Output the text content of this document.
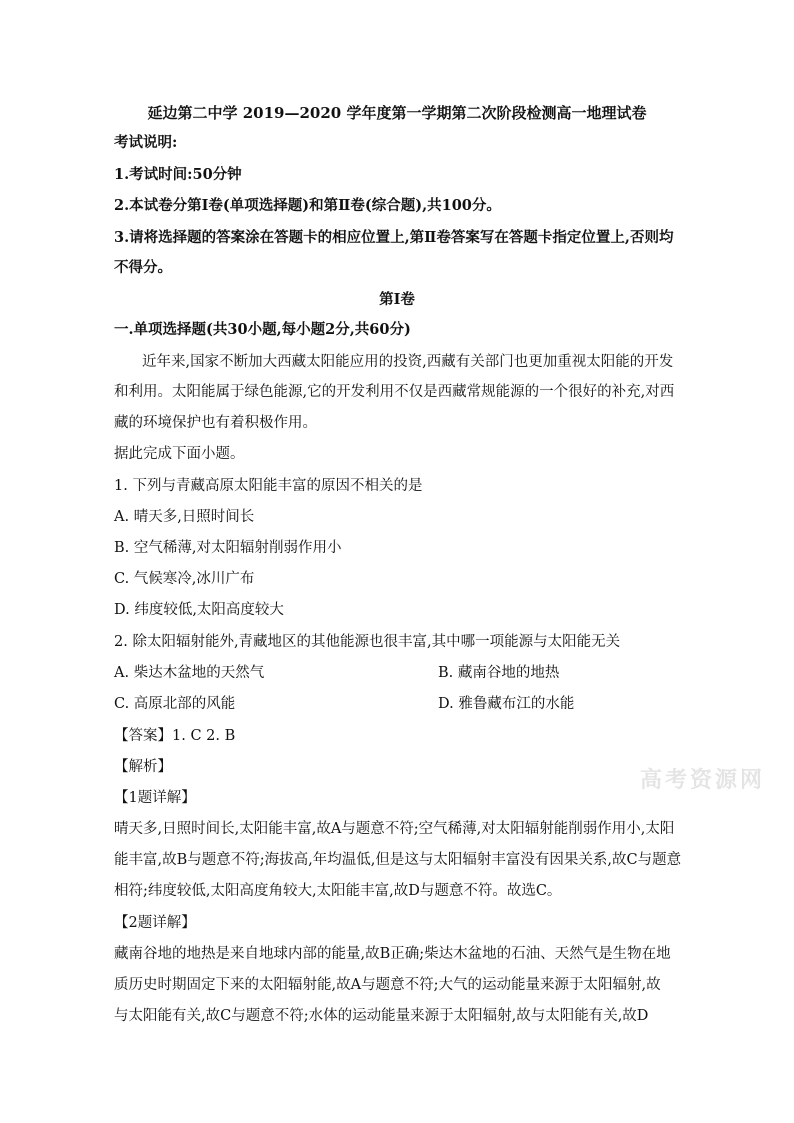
延边第二中学 2019—2020 学年度第一学期第二次阶段检测高一地理试卷
考试说明:
1.考试时间:50分钟
2.本试卷分第Ⅰ卷(单项选择题)和第Ⅱ卷(综合题),共100分。
3.请将选择题的答案涂在答题卡的相应位置上,第Ⅱ卷答案写在答题卡指定位置上,否则均
不得分。
第Ⅰ卷
一.单项选择题(共30小题,每小题2分,共60分)
近年来,国家不断加大西藏太阳能应用的投资,西藏有关部门也更加重视太阳能的开发
和利用。太阳能属于绿色能源,它的开发利用不仅是西藏常规能源的一个很好的补充,对西
藏的环境保护也有着积极作用。
据此完成下面小题。
1. 下列与青藏高原太阳能丰富的原因不相关的是
A. 晴天多,日照时间长
B. 空气稀薄,对太阳辐射削弱作用小
C. 气候寒冷,冰川广布
D. 纬度较低,太阳高度较大
2. 除太阳辐射能外,青藏地区的其他能源也很丰富,其中哪一项能源与太阳能无关
A. 柴达木盆地的天然气	B. 藏南谷地的地热
C. 高原北部的风能	D. 雅鲁藏布江的水能
【答案】1. C 2. B
【解析】	高考资源网
【1题详解】
晴天多,日照时间长,太阳能丰富,故A与题意不符;空气稀薄,对太阳辐射能削弱作用小,太阳
能丰富,故B与题意不符;海拔高,年均温低,但是这与太阳辐射丰富没有因果关系,故C与题意
相符;纬度较低,太阳高度角较大,太阳能丰富,故D与题意不符。故选C。
【2题详解】
藏南谷地的地热是来自地球内部的能量,故B正确;柴达木盆地的石油、天然气是生物在地
质历史时期固定下来的太阳辐射能,故A与题意不符;大气的运动能量来源于太阳辐射,故
与太阳能有关,故C与题意不符;水体的运动能量来源于太阳辐射,故与太阳能有关,故D
